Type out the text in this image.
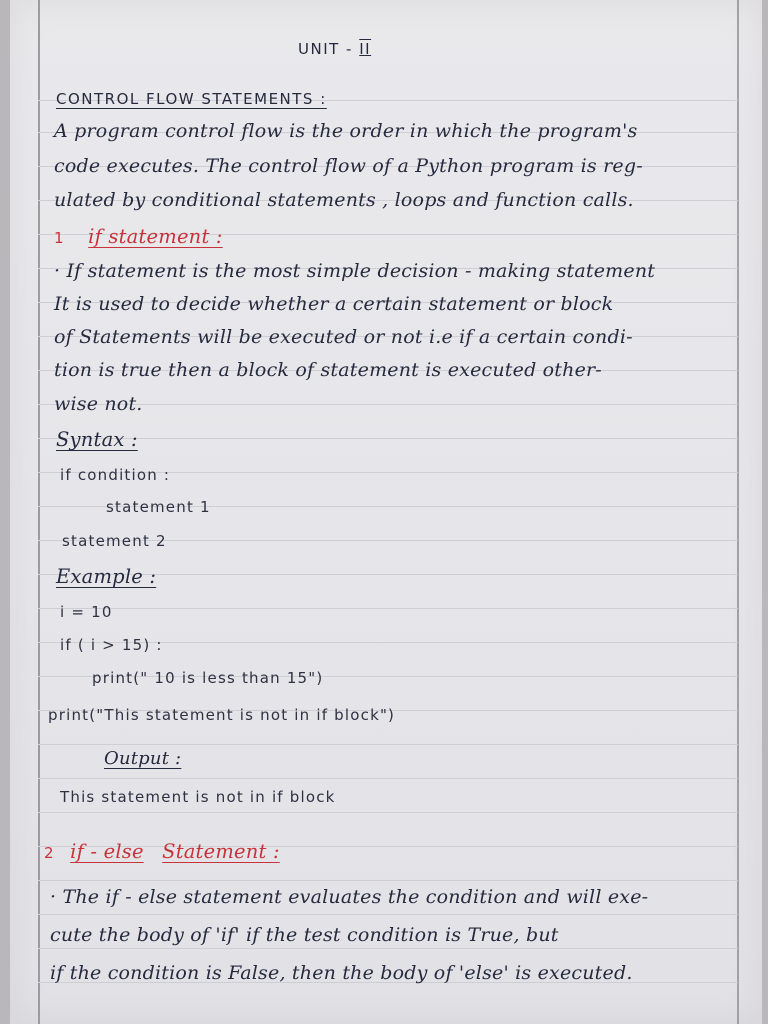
UNIT - II
CONTROL FLOW STATEMENTS :
A program control flow is the order in which the program's
code executes. The control flow of a Python program is reg-
ulated by conditional statements , loops and function calls.
1 if statement :
· If statement is the most simple decision - making statement
It is used to decide whether a certain statement or block
of Statements will be executed or not i.e if a certain condi-
tion is true then a block of statement is executed other-
wise not.
Syntax :
if condition :
statement 1
statement 2
Example :
i = 10
if ( i > 15) :
print(" 10 is less than 15")
print("This statement is not in if block")
Output :
This statement is not in if block
2 if - else Statement :
· The if - else statement evaluates the condition and will exe-
cute the body of 'if' if the test condition is True, but
if the condition is False, then the body of 'else' is executed.
